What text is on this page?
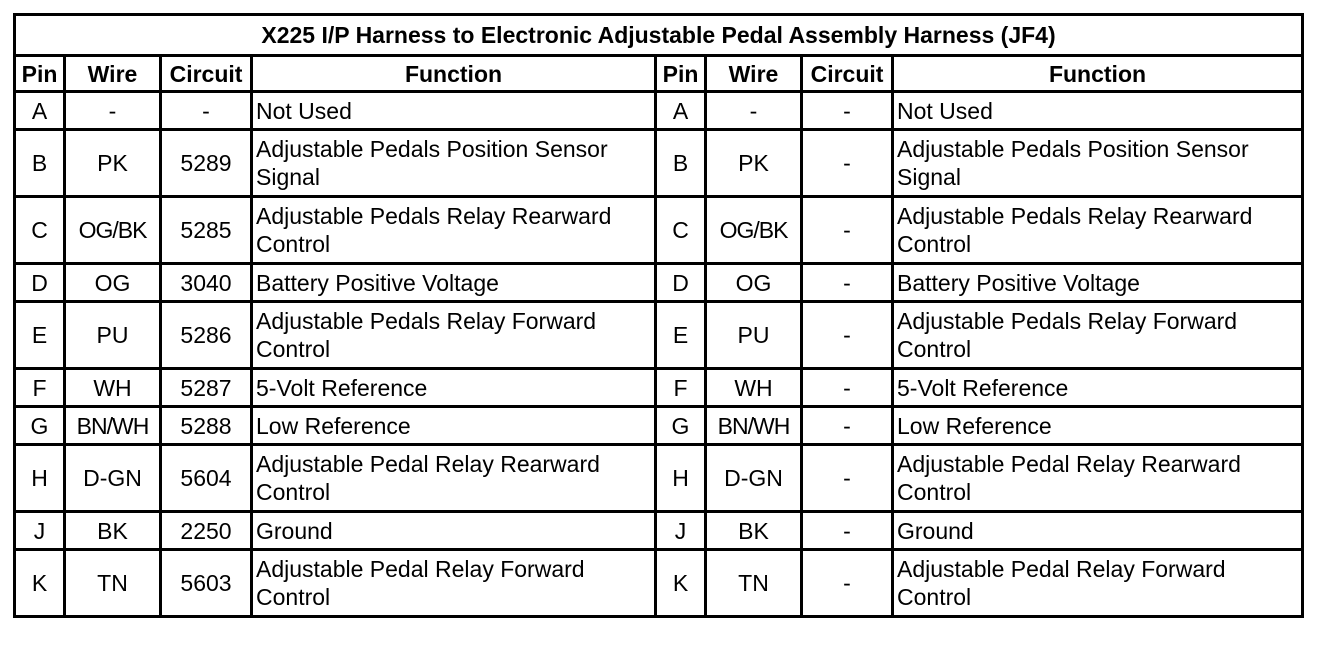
X225 I/P Harness to Electronic Adjustable Pedal Assembly Harness (JF4)							
Pin	Wire	Circuit	Function	Pin	Wire	Circuit	Function
A	-	-	Not Used	A	-	-	Not Used
B	PK	5289	Adjustable Pedals Position Sensor Signal	B	PK	-	Adjustable Pedals Position Sensor Signal
C	OG/BK	5285	Adjustable Pedals Relay Rearward Control	C	OG/BK	-	Adjustable Pedals Relay Rearward Control
D	OG	3040	Battery Positive Voltage	D	OG	-	Battery Positive Voltage
E	PU	5286	Adjustable Pedals Relay Forward Control	E	PU	-	Adjustable Pedals Relay Forward Control
F	WH	5287	5-Volt Reference	F	WH	-	5-Volt Reference
G	BN/WH	5288	Low Reference	G	BN/WH	-	Low Reference
H	D-GN	5604	Adjustable Pedal Relay Rearward Control	H	D-GN	-	Adjustable Pedal Relay Rearward Control
J	BK	2250	Ground	J	BK	-	Ground
K	TN	5603	Adjustable Pedal Relay Forward Control	K	TN	-	Adjustable Pedal Relay Forward Control
